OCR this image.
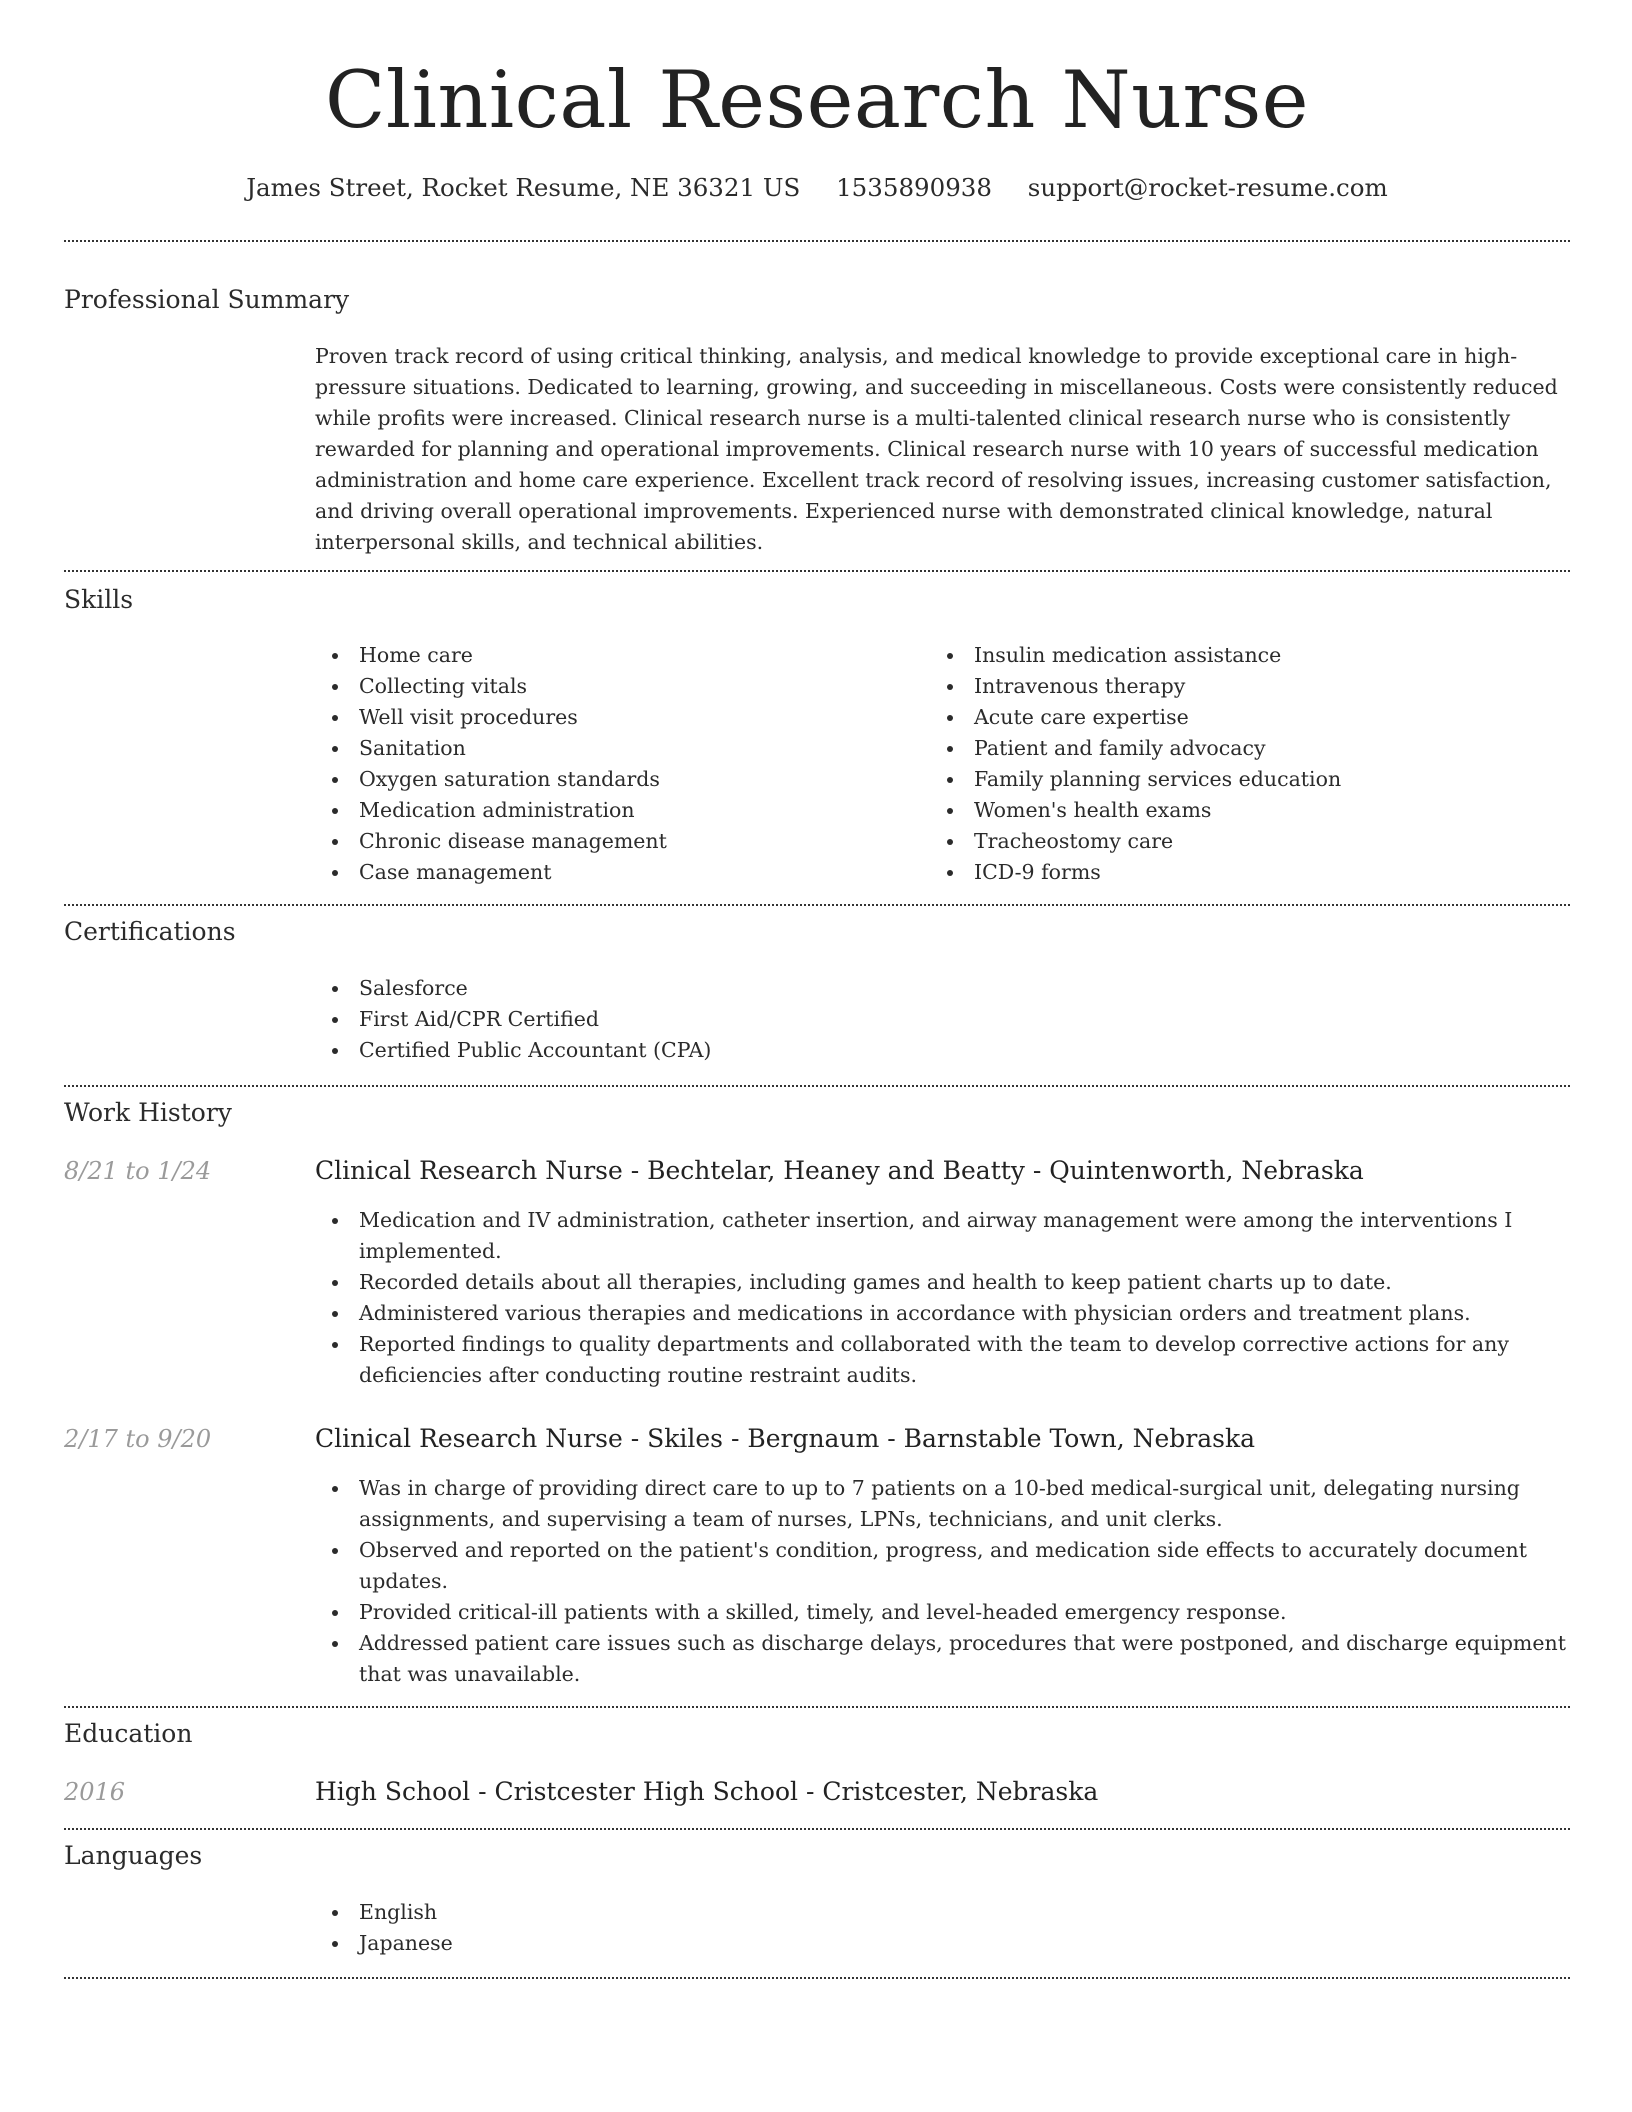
Clinical Research Nurse
James Street, Rocket Resume, NE 36321 US 1535890938 support@rocket-resume.com
Professional Summary
Proven track record of using critical thinking, analysis, and medical knowledge to provide exceptional care in high-pressure situations. Dedicated to learning, growing, and succeeding in miscellaneous. Costs were consistently reduced while profits were increased. Clinical research nurse is a multi-talented clinical research nurse who is consistently rewarded for planning and operational improvements. Clinical research nurse with 10 years of successful medication administration and home care experience. Excellent track record of resolving issues, increasing customer satisfaction, and driving overall operational improvements. Experienced nurse with demonstrated clinical knowledge, natural interpersonal skills, and technical abilities.
Skills
Home care
Collecting vitals
Well visit procedures
Sanitation
Oxygen saturation standards
Medication administration
Chronic disease management
Case management
Insulin medication assistance
Intravenous therapy
Acute care expertise
Patient and family advocacy
Family planning services education
Women's health exams
Tracheostomy care
ICD-9 forms
Certifications
Salesforce
First Aid/CPR Certified
Certified Public Accountant (CPA)
Work History
8/21 to 1/24	Clinical Research Nurse - Bechtelar, Heaney and Beatty - Quintenworth, Nebraska
Medication and IV administration, catheter insertion, and airway management were among the interventions I implemented.
Recorded details about all therapies, including games and health to keep patient charts up to date.
Administered various therapies and medications in accordance with physician orders and treatment plans.
Reported findings to quality departments and collaborated with the team to develop corrective actions for any deficiencies after conducting routine restraint audits.
2/17 to 9/20	Clinical Research Nurse - Skiles - Bergnaum - Barnstable Town, Nebraska
Was in charge of providing direct care to up to 7 patients on a 10-bed medical-surgical unit, delegating nursing assignments, and supervising a team of nurses, LPNs, technicians, and unit clerks.
Observed and reported on the patient's condition, progress, and medication side effects to accurately document updates.
Provided critical-ill patients with a skilled, timely, and level-headed emergency response.
Addressed patient care issues such as discharge delays, procedures that were postponed, and discharge equipment that was unavailable.
Education
2016	High School - Cristcester High School - Cristcester, Nebraska
Languages
English
Japanese
